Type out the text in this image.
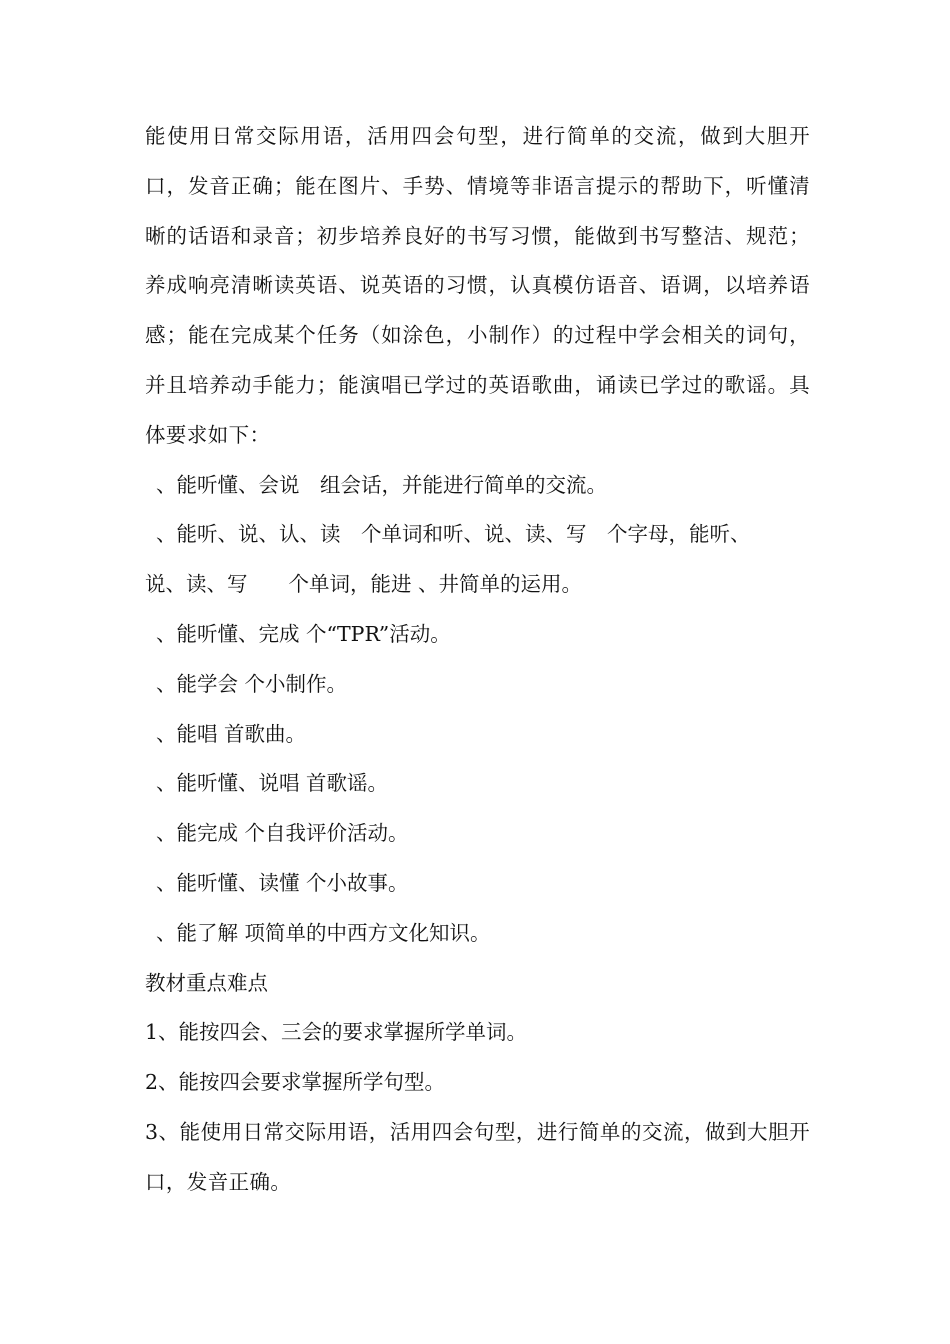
能使用日常交际用语，活用四会句型，进行简单的交流，做到大胆开口，发音正确；能在图片、手势、情境等非语言提示的帮助下，听懂清晰的话语和录音；初步培养良好的书写习惯，能做到书写整洁、规范；养成响亮清晰读英语、说英语的习惯，认真模仿语音、语调，以培养语感；能在完成某个任务（如涂色，小制作）的过程中学会相关的词句，并且培养动手能力；能演唱已学过的英语歌曲，诵读已学过的歌谣。具体要求如下：

、能听懂、会说　组会话，并能进行简单的交流。
、能听、说、认、读　个单词和听、说、读、写　个字母，能听、
说、读、写　　个单词，能进 、井简单的运用。
、能听懂、完成 个“TPR”活动。
、能学会 个小制作。
、能唱 首歌曲。
、能听懂、说唱 首歌谣。
、能完成 个自我评价活动。
、能听懂、读懂 个小故事。
、能了解 项简单的中西方文化知识。
教材重点难点
1、能按四会、三会的要求掌握所学单词。
2、能按四会要求掌握所学句型。

3、能使用日常交际用语，活用四会句型，进行简单的交流，做到大胆开口，发音正确。
